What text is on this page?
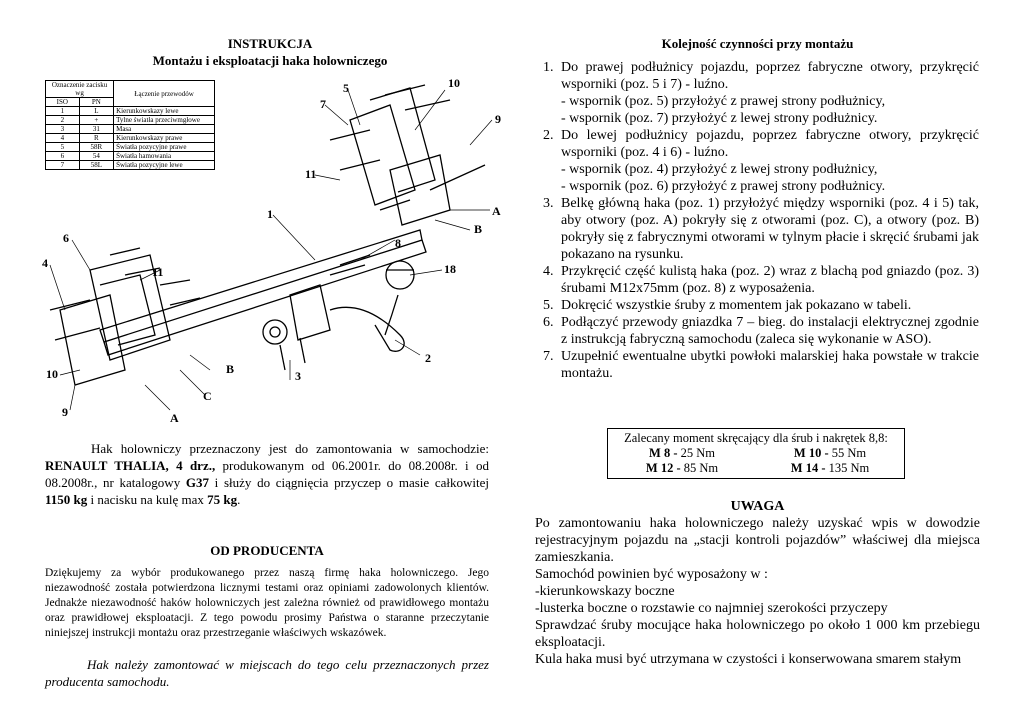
INSTRUKCJA
Montażu i eksploatacji haka holowniczego
Oznaczenie zacisku wg		Łączenie przewodów
ISO	PN	
1	L	Kierunkowskazy lewe
2	+	Tylne światła przeciwmgłowe
3	31	Masa
4	R	Kierunkowskazy prawe
5	58R	Światła pozycyjne prawe
6	54	Światła hamowania
7	58L	Światła pozycyjne lewe
1
2
3
4
5
6
7
8
9
9
10
10
11
11	18
A
A
B
B
C
Hak holowniczy przeznaczony jest do zamontowania w samochodzie: RENAULT THALIA, 4 drz., produkowanym od 06.2001r. do 08.2008r. i od 08.2008r., nr katalogowy G37 i służy do ciągnięcia przyczep o masie całkowitej 1150 kg i nacisku na kulę max 75 kg.
OD PRODUCENTA
Dziękujemy za wybór produkowanego przez naszą firmę haka holowniczego. Jego niezawodność została potwierdzona licznymi testami oraz opiniami zadowolonych klientów. Jednakże niezawodność haków holowniczych jest zależna również od prawidłowego montażu oraz prawidłowej eksploatacji. Z tego powodu prosimy Państwa o staranne przeczytanie niniejszej instrukcji montażu oraz przestrzeganie właściwych wskazówek.
Hak należy zamontować w miejscach do tego celu przeznaczonych przez producenta samochodu.
Kolejność czynności przy montażu
1. Do prawej podłużnicy pojazdu, poprzez fabryczne otwory, przykręcić wsporniki (poz. 5 i 7) - luźno.
- wspornik (poz. 5) przyłożyć z prawej strony podłużnicy,
- wspornik (poz. 7) przyłożyć z lewej strony podłużnicy.
2. Do lewej podłużnicy pojazdu, poprzez fabryczne otwory, przykręcić wsporniki (poz. 4 i 6) - luźno.
- wspornik (poz. 4) przyłożyć z lewej strony podłużnicy,
- wspornik (poz. 6) przyłożyć z prawej strony podłużnicy.
3. Belkę główną haka (poz. 1) przyłożyć między wsporniki (poz. 4 i 5) tak, aby otwory (poz. A) pokryły się z otworami (poz. C), a otwory (poz. B) pokryły się z fabrycznymi otworami w tylnym płacie i skręcić śrubami jak pokazano na rysunku.
4. Przykręcić część kulistą haka (poz. 2) wraz z blachą pod gniazdo (poz. 3) śrubami M12x75mm (poz. 8) z wyposażenia.
5. Dokręcić wszystkie śruby z momentem jak pokazano w tabeli.
6. Podłączyć przewody gniazdka 7 – bieg. do instalacji elektrycznej zgodnie z instrukcją fabryczną samochodu (zaleca się wykonanie w ASO).
7. Uzupełnić ewentualne ubytki powłoki malarskiej haka powstałe w trakcie montażu.
Zalecany moment skręcający dla śrub i nakrętek 8,8:
M 8 - 25 Nm	M 10 - 55 Nm
M 12 - 85 Nm	M 14 - 135 Nm
UWAGA
Po zamontowaniu haka holowniczego należy uzyskać wpis w dowodzie rejestracyjnym pojazdu na „stacji kontroli pojazdów” właściwej dla miejsca zamieszkania.
Samochód powinien być wyposażony w :
-kierunkowskazy boczne
-lusterka boczne o rozstawie co najmniej szerokości przyczepy
Sprawdzać śruby mocujące haka holowniczego po około 1 000 km przebiegu eksploatacji.
Kula haka musi być utrzymana w czystości i konserwowana smarem stałym
